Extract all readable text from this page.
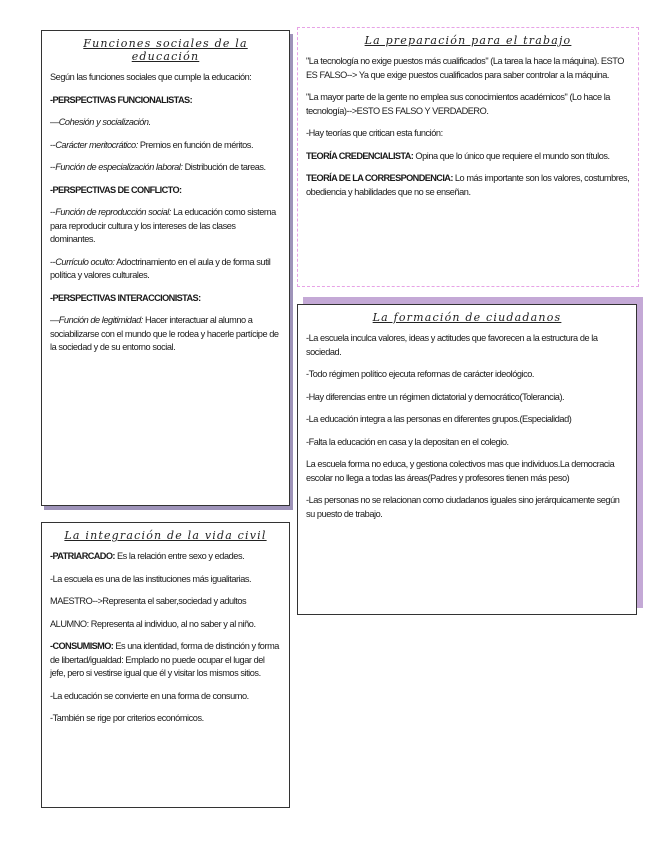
Funciones sociales de la educación

Según las funciones sociales que cumple la educación:

-PERSPECTIVAS FUNCIONALISTAS:

—Cohesión y socialización.

--Carácter meritocrático: Premios en función de méritos.

--Función de especialización laboral: Distribución de tareas.

-PERSPECTIVAS DE CONFLICTO:

--Función de reproducción social: La educación como sistema para reproducir cultura y los intereses de las clases dominantes.

--Currículo oculto: Adoctrinamiento en el aula y de forma sutil política y valores culturales.

-PERSPECTIVAS INTERACCIONISTAS:

—Función de legitimidad: Hacer interactuar al alumno a sociabilizarse con el mundo que le rodea y hacerle partícipe de la sociedad y de su entorno social.

La preparación para el trabajo

"La tecnología no exige puestos más cualificados" (La tarea la hace la máquina). ESTO ES FALSO--> Ya que exige puestos cualificados para saber controlar a la máquina.

"La mayor parte de la gente no emplea sus conocimientos académicos" (Lo hace la tecnología)-->ESTO ES FALSO Y VERDADERO.

-Hay teorías que critican esta función:

TEORÍA CREDENCIALISTA: Opina que lo único que requiere el mundo son títulos.

TEORÍA DE LA CORRESPONDENCIA: Lo más importante son los valores, costumbres, obediencia y habilidades que no se enseñan.

La formación de ciudadanos

-La escuela inculca valores, ideas y actitudes que favorecen a la estructura de la sociedad.

-Todo régimen político ejecuta reformas de carácter ideológico.

-Hay diferencias entre un régimen dictatorial y democrático(Tolerancia).

-La educación integra a las personas en diferentes grupos.(Especialidad)

-Falta la educación en casa y la depositan en el colegio.

La escuela forma no educa, y gestiona colectivos mas que individuos.La democracia escolar no llega a todas las áreas(Padres y profesores tienen más peso)

-Las personas no se relacionan como ciudadanos iguales sino jerárquicamente según su puesto de trabajo.

La integración de la vida civil

-PATRIARCADO: Es la relación entre sexo y edades.

-La escuela es una de las instituciones más igualitarias.

MAESTRO-->Representa el saber,sociedad y adultos

ALUMNO: Representa al individuo, al no saber y al niño.

-CONSUMISMO: Es una identidad, forma de distinción y forma de libertad/igualdad: Emplado no puede ocupar el lugar del jefe, pero si vestirse igual que él y visitar los mismos sitios.

-La educación se convierte en una forma de consumo.

-También se rige por criterios económicos.
